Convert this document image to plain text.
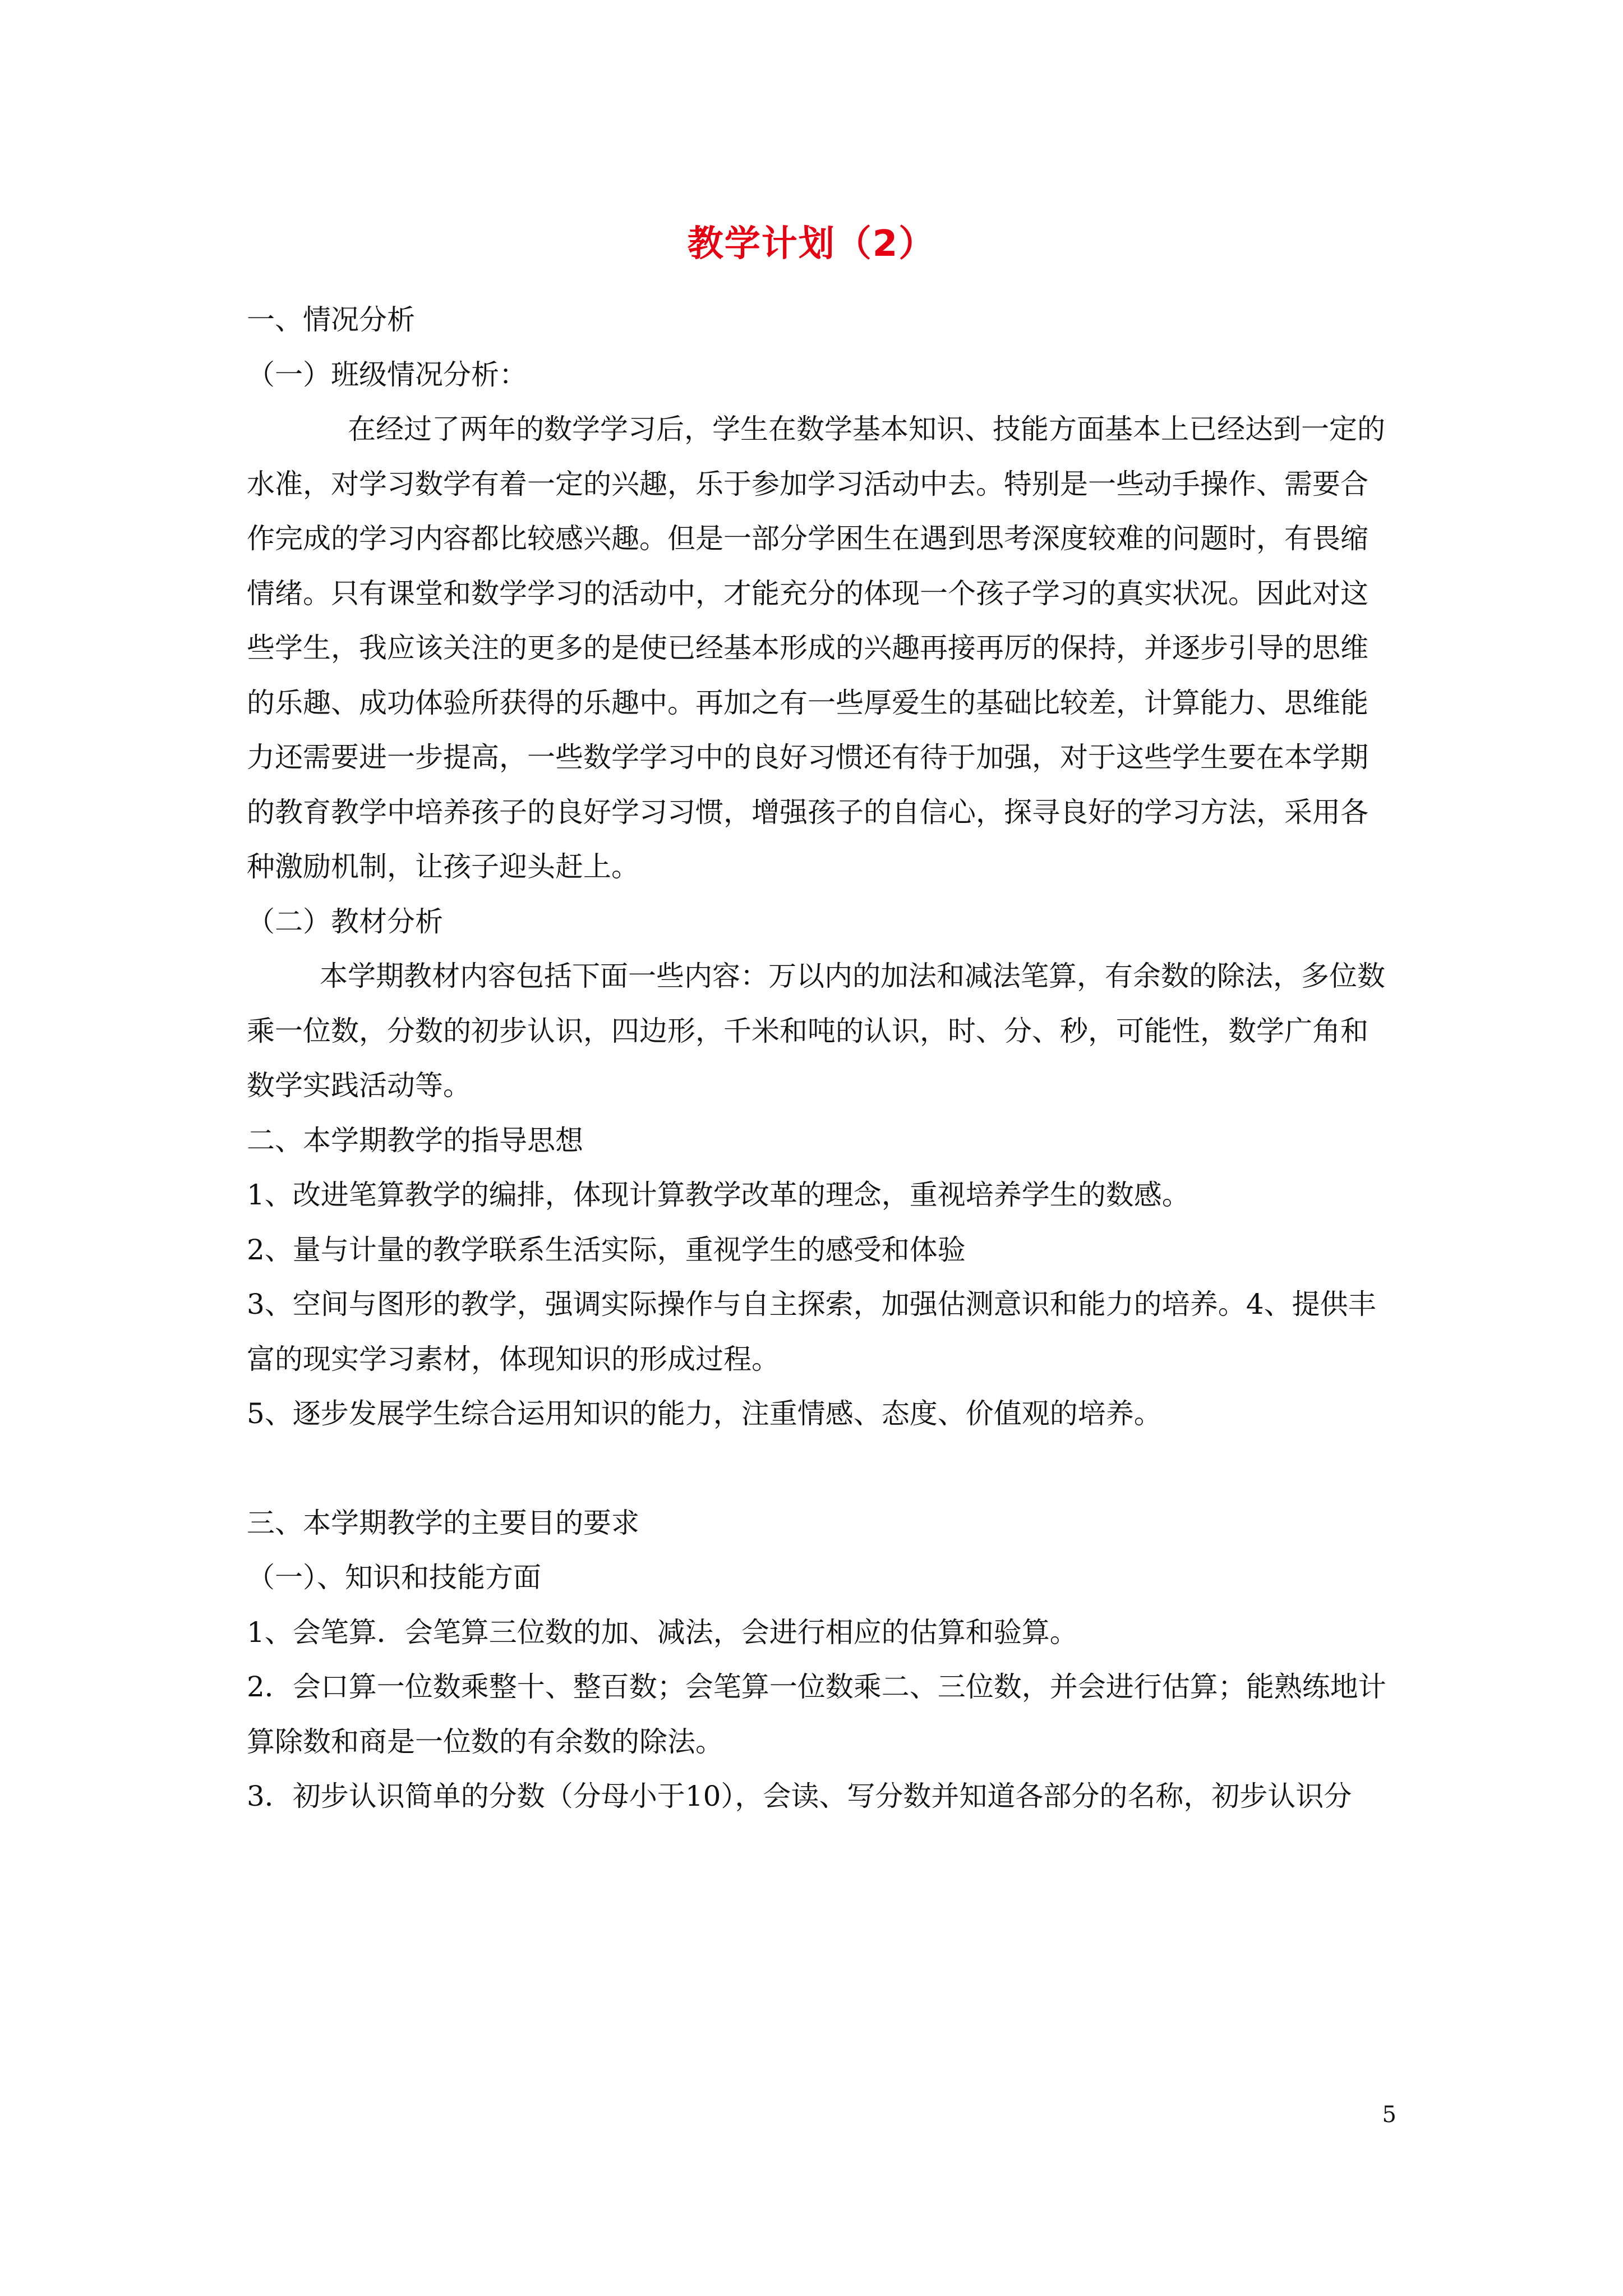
教学计划（2）

一、情况分析

（一）班级情况分析：

在经过了两年的数学学习后，学生在数学基本知识、技能方面基本上已经达到一定的水准，对学习数学有着一定的兴趣，乐于参加学习活动中去。特别是一些动手操作、需要合作完成的学习内容都比较感兴趣。但是一部分学困生在遇到思考深度较难的问题时，有畏缩情绪。只有课堂和数学学习的活动中，才能充分的体现一个孩子学习的真实状况。因此对这些学生，我应该关注的更多的是使已经基本形成的兴趣再接再厉的保持，并逐步引导的思维的乐趣、成功体验所获得的乐趣中。再加之有一些厚爱生的基础比较差，计算能力、思维能力还需要进一步提高，一些数学学习中的良好习惯还有待于加强，对于这些学生要在本学期的教育教学中培养孩子的良好学习习惯，增强孩子的自信心，探寻良好的学习方法，采用各种激励机制，让孩子迎头赶上。

（二）教材分析

本学期教材内容包括下面一些内容：万以内的加法和减法笔算，有余数的除法，多位数乘一位数，分数的初步认识，四边形，千米和吨的认识，时、分、秒，可能性，数学广角和数学实践活动等。

二、本学期教学的指导思想

1、改进笔算教学的编排，体现计算教学改革的理念，重视培养学生的数感。

2、量与计量的教学联系生活实际，重视学生的感受和体验

3、空间与图形的教学，强调实际操作与自主探索，加强估测意识和能力的培养。4、提供丰富的现实学习素材，体现知识的形成过程。

5、逐步发展学生综合运用知识的能力，注重情感、态度、价值观的培养。

三、本学期教学的主要目的要求

（一）、知识和技能方面

1、会笔算．会笔算三位数的加、减法，会进行相应的估算和验算。

2．会口算一位数乘整十、整百数；会笔算一位数乘二、三位数，并会进行估算；能熟练地计算除数和商是一位数的有余数的除法。

3．初步认识简单的分数（分母小于10），会读、写分数并知道各部分的名称，初步认识分

5
